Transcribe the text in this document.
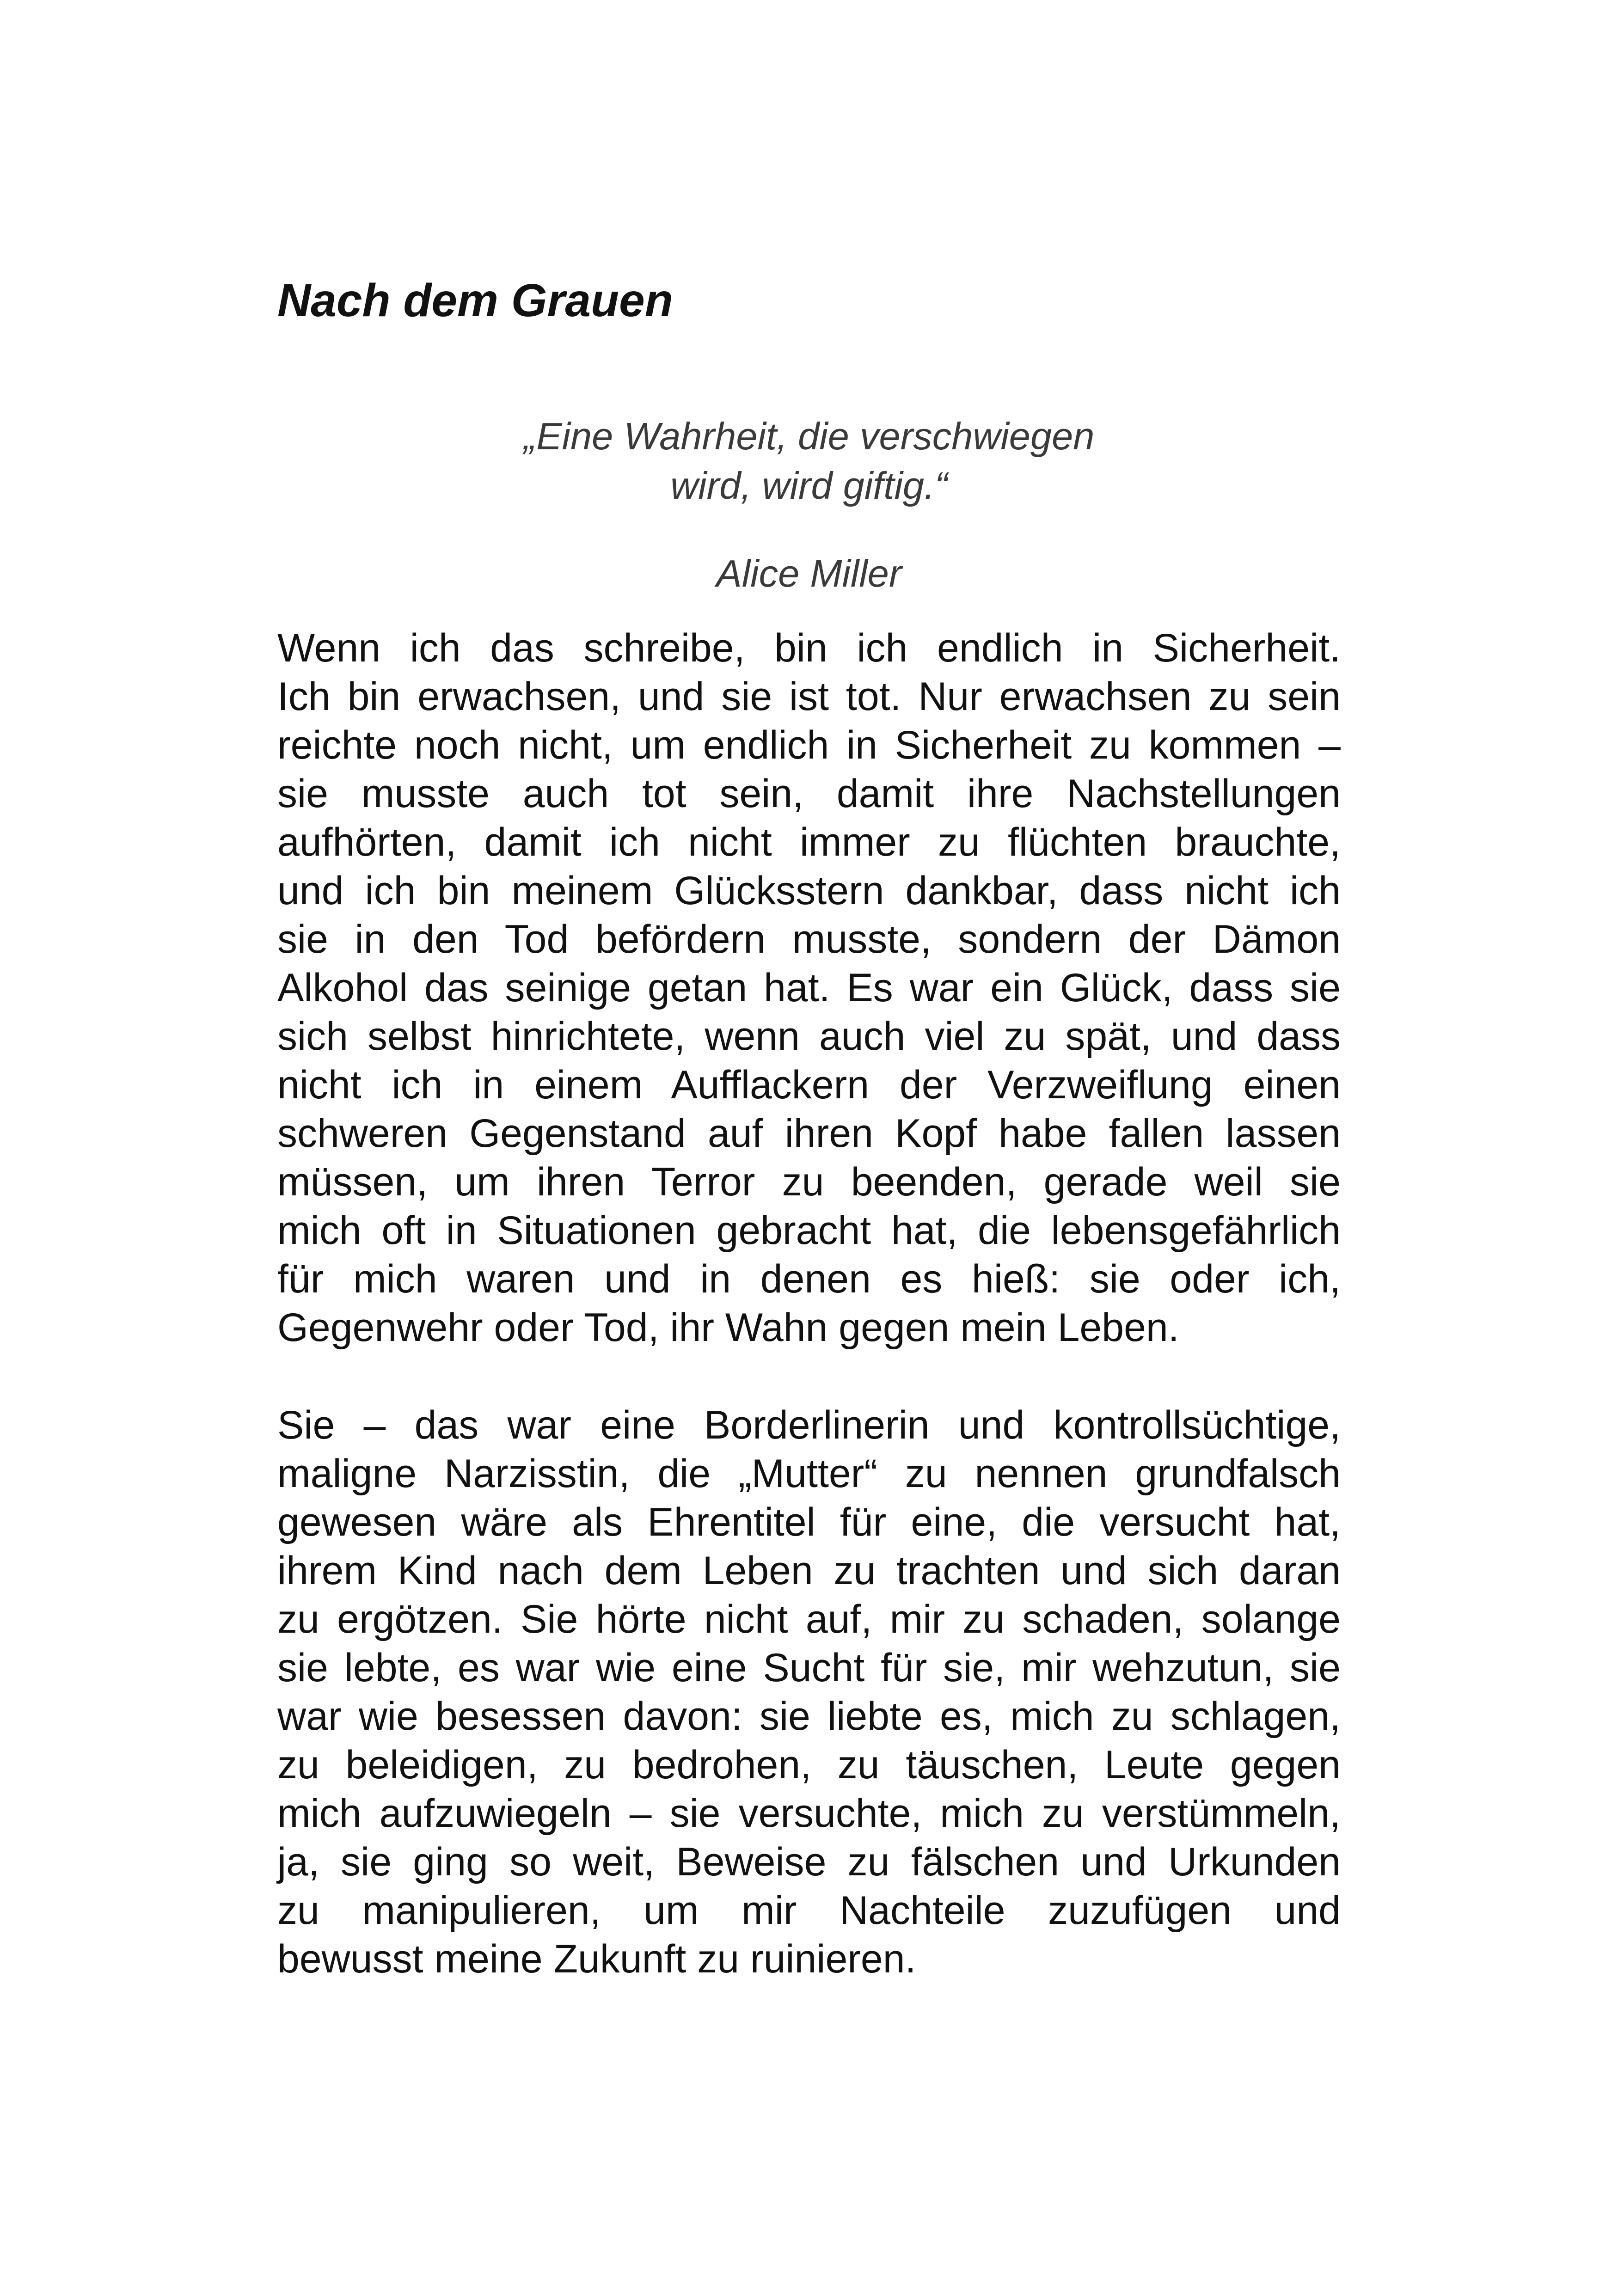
Nach dem Grauen
„Eine Wahrheit, die verschwiegen
wird, wird giftig.“
Alice Miller

Wenn ich das schreibe, bin ich endlich in Sicherheit.
Ich bin erwachsen, und sie ist tot. Nur erwachsen zu sein
reichte noch nicht, um endlich in Sicherheit zu kommen –
sie musste auch tot sein, damit ihre Nachstellungen
aufhörten, damit ich nicht immer zu flüchten brauchte,
und ich bin meinem Glücksstern dankbar, dass nicht ich
sie in den Tod befördern musste, sondern der Dämon
Alkohol das seinige getan hat. Es war ein Glück, dass sie
sich selbst hinrichtete, wenn auch viel zu spät, und dass
nicht ich in einem Aufflackern der Verzweiflung einen
schweren Gegenstand auf ihren Kopf habe fallen lassen
müssen, um ihren Terror zu beenden, gerade weil sie
mich oft in Situationen gebracht hat, die lebensgefährlich
für mich waren und in denen es hieß: sie oder ich,
Gegenwehr oder Tod, ihr Wahn gegen mein Leben.

Sie – das war eine Borderlinerin und kontrollsüchtige,
maligne Narzisstin, die „Mutter“ zu nennen grundfalsch
gewesen wäre als Ehrentitel für eine, die versucht hat,
ihrem Kind nach dem Leben zu trachten und sich daran
zu ergötzen. Sie hörte nicht auf, mir zu schaden, solange
sie lebte, es war wie eine Sucht für sie, mir wehzutun, sie
war wie besessen davon: sie liebte es, mich zu schlagen,
zu beleidigen, zu bedrohen, zu täuschen, Leute gegen
mich aufzuwiegeln – sie versuchte, mich zu verstümmeln,
ja, sie ging so weit, Beweise zu fälschen und Urkunden
zu manipulieren, um mir Nachteile zuzufügen und
bewusst meine Zukunft zu ruinieren.
